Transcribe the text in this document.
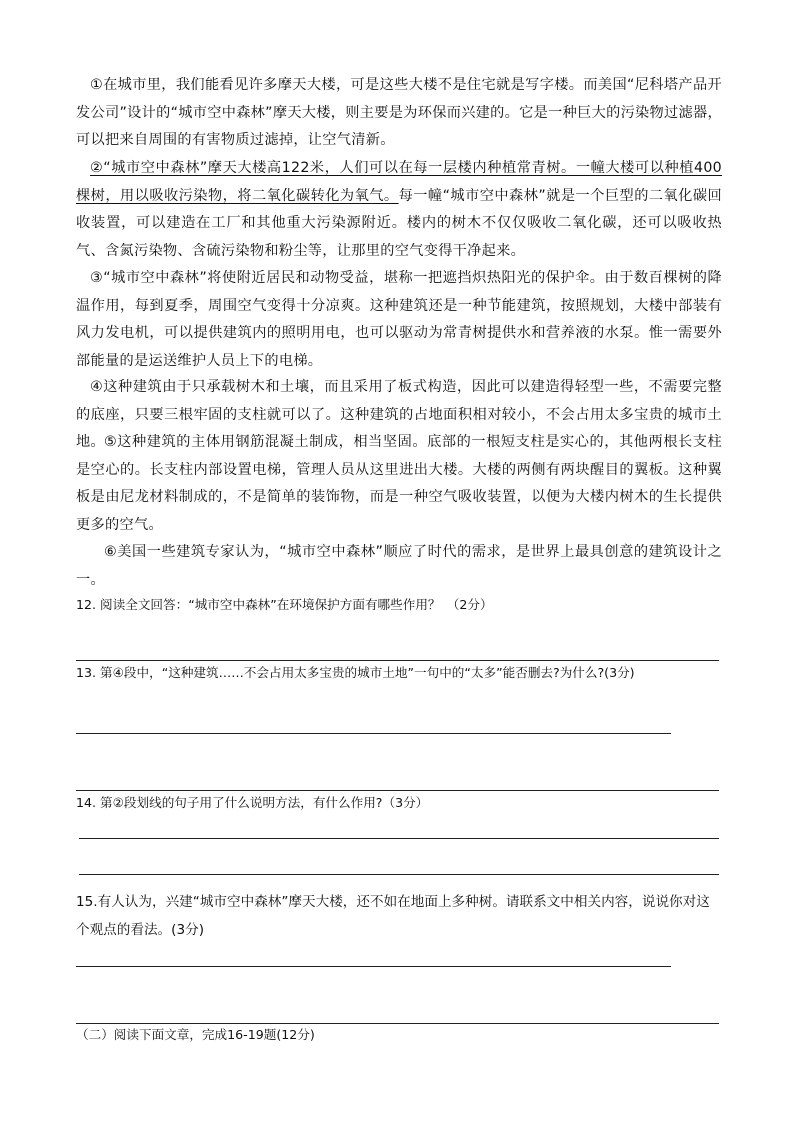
①在城市里，我们能看见许多摩天大楼，可是这些大楼不是住宅就是写字楼。而美国“尼科塔产品开发公司”设计的“城市空中森林”摩天大楼，则主要是为环保而兴建的。它是一种巨大的污染物过滤器，可以把来自周围的有害物质过滤掉，让空气清新。

②“城市空中森林”摩天大楼高122米，人们可以在每一层楼内种植常青树。一幢大楼可以种植400棵树，用以吸收污染物，将二氧化碳转化为氧气。每一幢“城市空中森林”就是一个巨型的二氧化碳回收装置，可以建造在工厂和其他重大污染源附近。楼内的树木不仅仅吸收二氧化碳，还可以吸收热气、含氮污染物、含硫污染物和粉尘等，让那里的空气变得干净起来。

③“城市空中森林”将使附近居民和动物受益，堪称一把遮挡炽热阳光的保护伞。由于数百棵树的降温作用，每到夏季，周围空气变得十分凉爽。这种建筑还是一种节能建筑，按照规划，大楼中部装有风力发电机，可以提供建筑内的照明用电，也可以驱动为常青树提供水和营养液的水泵。惟一需要外部能量的是运送维护人员上下的电梯。

④这种建筑由于只承载树木和土壤，而且采用了板式构造，因此可以建造得轻型一些，不需要完整的底座，只要三根牢固的支柱就可以了。这种建筑的占地面积相对较小，不会占用太多宝贵的城市土地。 ⑤这种建筑的主体用钢筋混凝土制成，相当坚固。底部的一根短支柱是实心的，其他两根长支柱是空心的。长支柱内部设置电梯，管理人员从这里进出大楼。大楼的两侧有两块醒目的翼板。这种翼板是由尼龙材料制成的，不是简单的装饰物，而是一种空气吸收装置，以便为大楼内树木的生长提供更多的空气。

⑥美国一些建筑专家认为，“城市空中森林”顺应了时代的需求，是世界上最具创意的建筑设计之一。

12. 阅读全文回答：“城市空中森林”在环境保护方面有哪些作用？　（2分）

13. 第④段中，“这种建筑……不会占用太多宝贵的城市土地”一句中的“太多”能否删去?为什么?(3分)

14. 第②段划线的句子用了什么说明方法，有什么作用?（3分）

15.有人认为，兴建“城市空中森林”摩天大楼，还不如在地面上多种树。请联系文中相关内容，说说你对这个观点的看法。(3分)

（二）阅读下面文章，完成16-19题(12分)
